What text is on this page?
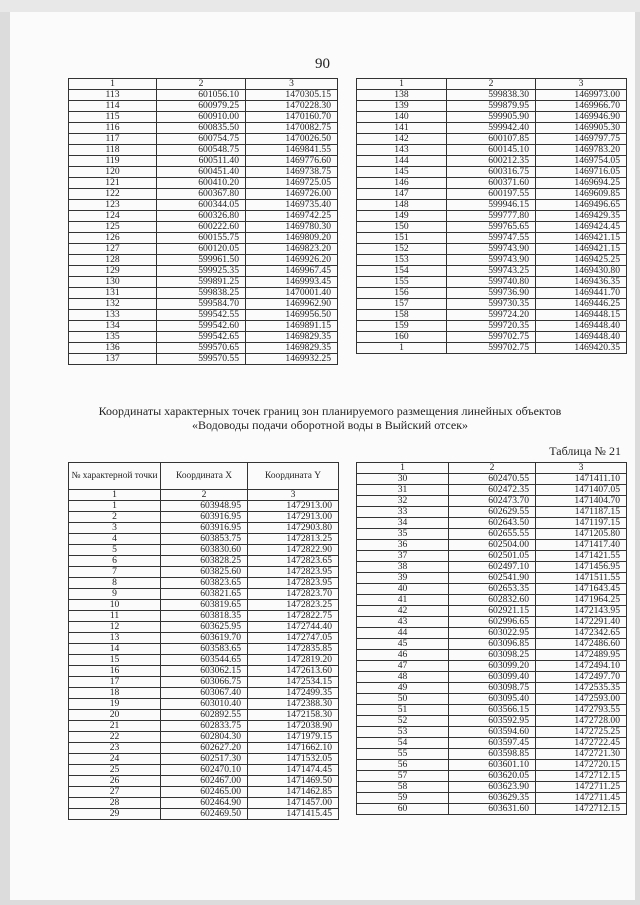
90
1	2	3
113	601056.10	1470305.15
114	600979.25	1470228.30
115	600910.00	1470160.70
116	600835.50	1470082.75
117	600754.75	1470026.50
118	600548.75	1469841.55
119	600511.40	1469776.60
120	600451.40	1469738.75
121	600410.20	1469725.05
122	600367.80	1469726.00
123	600344.05	1469735.40
124	600326.80	1469742.25
125	600222.60	1469780.30
126	600155.75	1469809.20
127	600120.05	1469823.20
128	599961.50	1469926.20
129	599925.35	1469967.45
130	599891.25	1469993.45
131	599838.25	1470001.40
132	599584.70	1469962.90
133	599542.55	1469956.50
134	599542.60	1469891.15
135	599542.65	1469829.35
136	599570.65	1469829.35
137	599570.55	1469932.25
1	2	3
138	599838.30	1469973.00
139	599879.95	1469966.70
140	599905.90	1469946.90
141	599942.40	1469905.30
142	600107.85	1469797.75
143	600145.10	1469783.20
144	600212.35	1469754.05
145	600316.75	1469716.05
146	600371.60	1469694.25
147	600197.55	1469609.85
148	599946.15	1469496.65
149	599777.80	1469429.35
150	599765.65	1469424.45
151	599747.55	1469421.15
152	599743.90	1469421.15
153	599743.90	1469425.25
154	599743.25	1469430.80
155	599740.80	1469436.35
156	599736.90	1469441.70
157	599730.35	1469446.25
158	599724.20	1469448.15
159	599720.35	1469448.40
160	599702.75	1469448.40
1	599702.75	1469420.35
Координаты характерных точек границ зон планируемого размещения линейных объектов «Водоводы подачи оборотной воды в Выйский отсек»
Таблица № 21
№ характерной точки	Координата X	Координата Y
1	2	3
1	603948.95	1472913.00
2	603916.95	1472913.00
3	603916.95	1472903.80
4	603853.75	1472813.25
5	603830.60	1472822.90
6	603828.25	1472823.65
7	603825.60	1472823.95
8	603823.65	1472823.95
9	603821.65	1472823.70
10	603819.65	1472823.25
11	603818.35	1472822.75
12	603625.95	1472744.40
13	603619.70	1472747.05
14	603583.65	1472835.85
15	603544.65	1472819.20
16	603062.15	1472613.60
17	603066.75	1472534.15
18	603067.40	1472499.35
19	603010.40	1472388.30
20	602892.55	1472158.30
21	602833.75	1472038.90
22	602804.30	1471979.15
23	602627.20	1471662.10
24	602517.30	1471532.05
25	602470.10	1471474.45
26	602467.00	1471469.50
27	602465.00	1471462.85
28	602464.90	1471457.00
29	602469.50	1471415.45
1	2	3
30	602470.55	1471411.10
31	602472.35	1471407.05
32	602473.70	1471404.70
33	602629.55	1471187.15
34	602643.50	1471197.15
35	602655.55	1471205.80
36	602504.00	1471417.40
37	602501.05	1471421.55
38	602497.10	1471456.95
39	602541.90	1471511.55
40	602653.35	1471643.45
41	602832.60	1471964.25
42	602921.15	1472143.95
43	602996.65	1472291.40
44	603022.95	1472342.65
45	603096.85	1472486.60
46	603098.25	1472489.95
47	603099.20	1472494.10
48	603099.40	1472497.70
49	603098.75	1472535.35
50	603095.40	1472593.00
51	603566.15	1472793.55
52	603592.95	1472728.00
53	603594.60	1472725.25
54	603597.45	1472722.45
55	603598.85	1472721.30
56	603601.10	1472720.15
57	603620.05	1472712.15
58	603623.90	1472711.25
59	603629.35	1472711.45
60	603631.60	1472712.15
